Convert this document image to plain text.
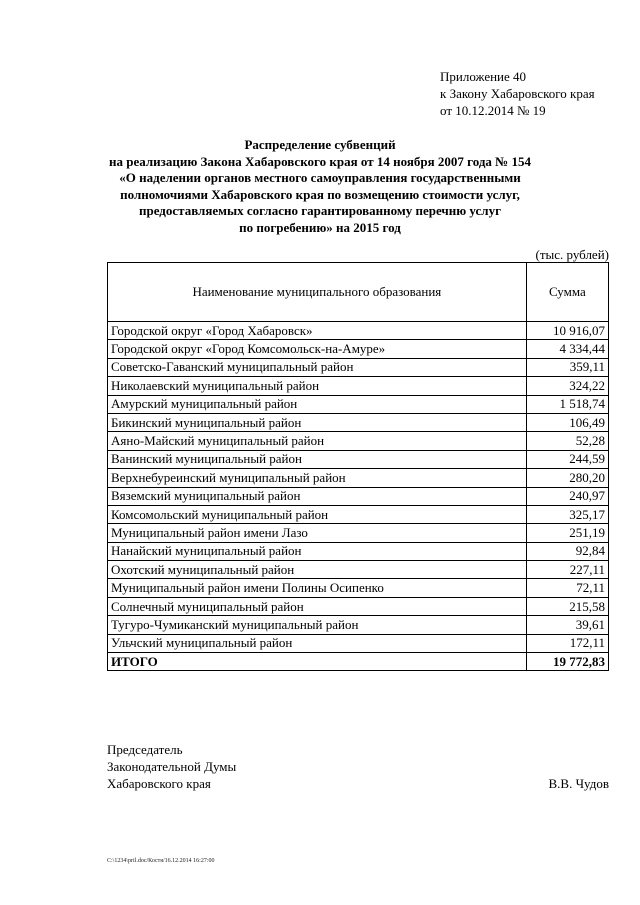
Приложение 40
к Закону Хабаровского края
от 10.12.2014 № 19
Распределение субвенций
на реализацию Закона Хабаровского края от 14 ноября 2007 года № 154
«О наделении органов местного самоуправления государственными
полномочиями Хабаровского края по возмещению стоимости услуг,
предоставляемых согласно гарантированному перечню услуг
по погребению» на 2015 год
(тыс. рублей)
Наименование муниципального образования	Сумма
Городской округ «Город Хабаровск»	10 916,07
Городской округ «Город Комсомольск-на-Амуре»	4 334,44
Советско-Гаванский муниципальный район	359,11
Николаевский муниципальный район	324,22
Амурский муниципальный район	1 518,74
Бикинский муниципальный район	106,49
Аяно-Майский муниципальный район	52,28
Ванинский муниципальный район	244,59
Верхнебуреинский муниципальный район	280,20
Вяземский муниципальный район	240,97
Комсомольский муниципальный район	325,17
Муниципальный район имени Лазо	251,19
Нанайский муниципальный район	92,84
Охотский муниципальный район	227,11
Муниципальный район имени Полины Осипенко	72,11
Солнечный муниципальный район	215,58
Тугуро-Чумиканский муниципальный район	39,61
Ульчский муниципальный район	172,11
ИТОГО	19 772,83
Председатель
Законодательной Думы
Хабаровского края	В.В. Чудов
C:\1234\pril.doc/Костя/16.12.2014 16:27:00
